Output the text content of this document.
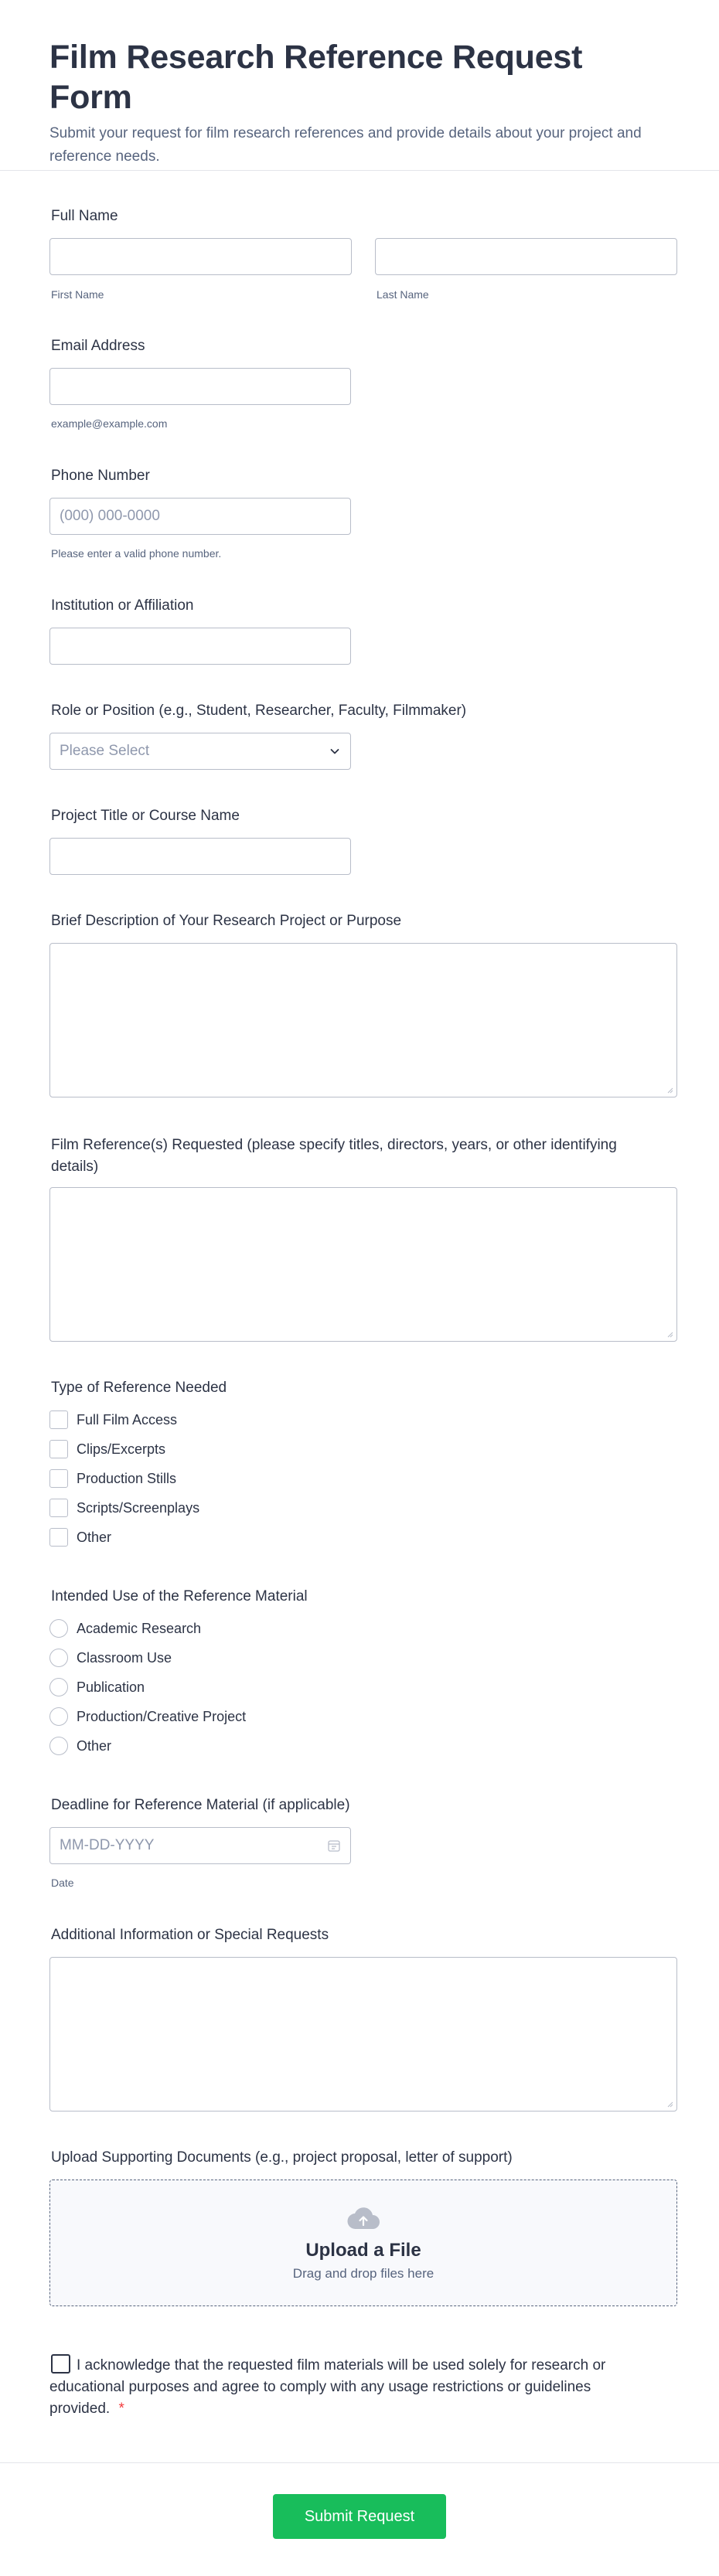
Film Research Reference Request Form

Submit your request for film research references and provide details about your project and reference needs.

Full Name
First Name	Last Name
Email Address
example@example.com
Phone Number
(000) 000-0000
Please enter a valid phone number.
Institution or Affiliation
Role or Position (e.g., Student, Researcher, Faculty, Filmmaker)
Please Select
Project Title or Course Name
Brief Description of Your Research Project or Purpose
Film Reference(s) Requested (please specify titles, directors, years, or other identifying details)
Type of Reference Needed
Full Film Access
Clips/Excerpts
Production Stills
Scripts/Screenplays
Other
Intended Use of the Reference Material
Academic Research
Classroom Use
Publication
Production/Creative Project
Other
Deadline for Reference Material (if applicable)
MM-DD-YYYY
Date
Additional Information or Special Requests
Upload Supporting Documents (e.g., project proposal, letter of support)
Upload a File
Drag and drop files here
I acknowledge that the requested film materials will be used solely for research or educational purposes and agree to comply with any usage restrictions or guidelines provided. *
Submit Request
